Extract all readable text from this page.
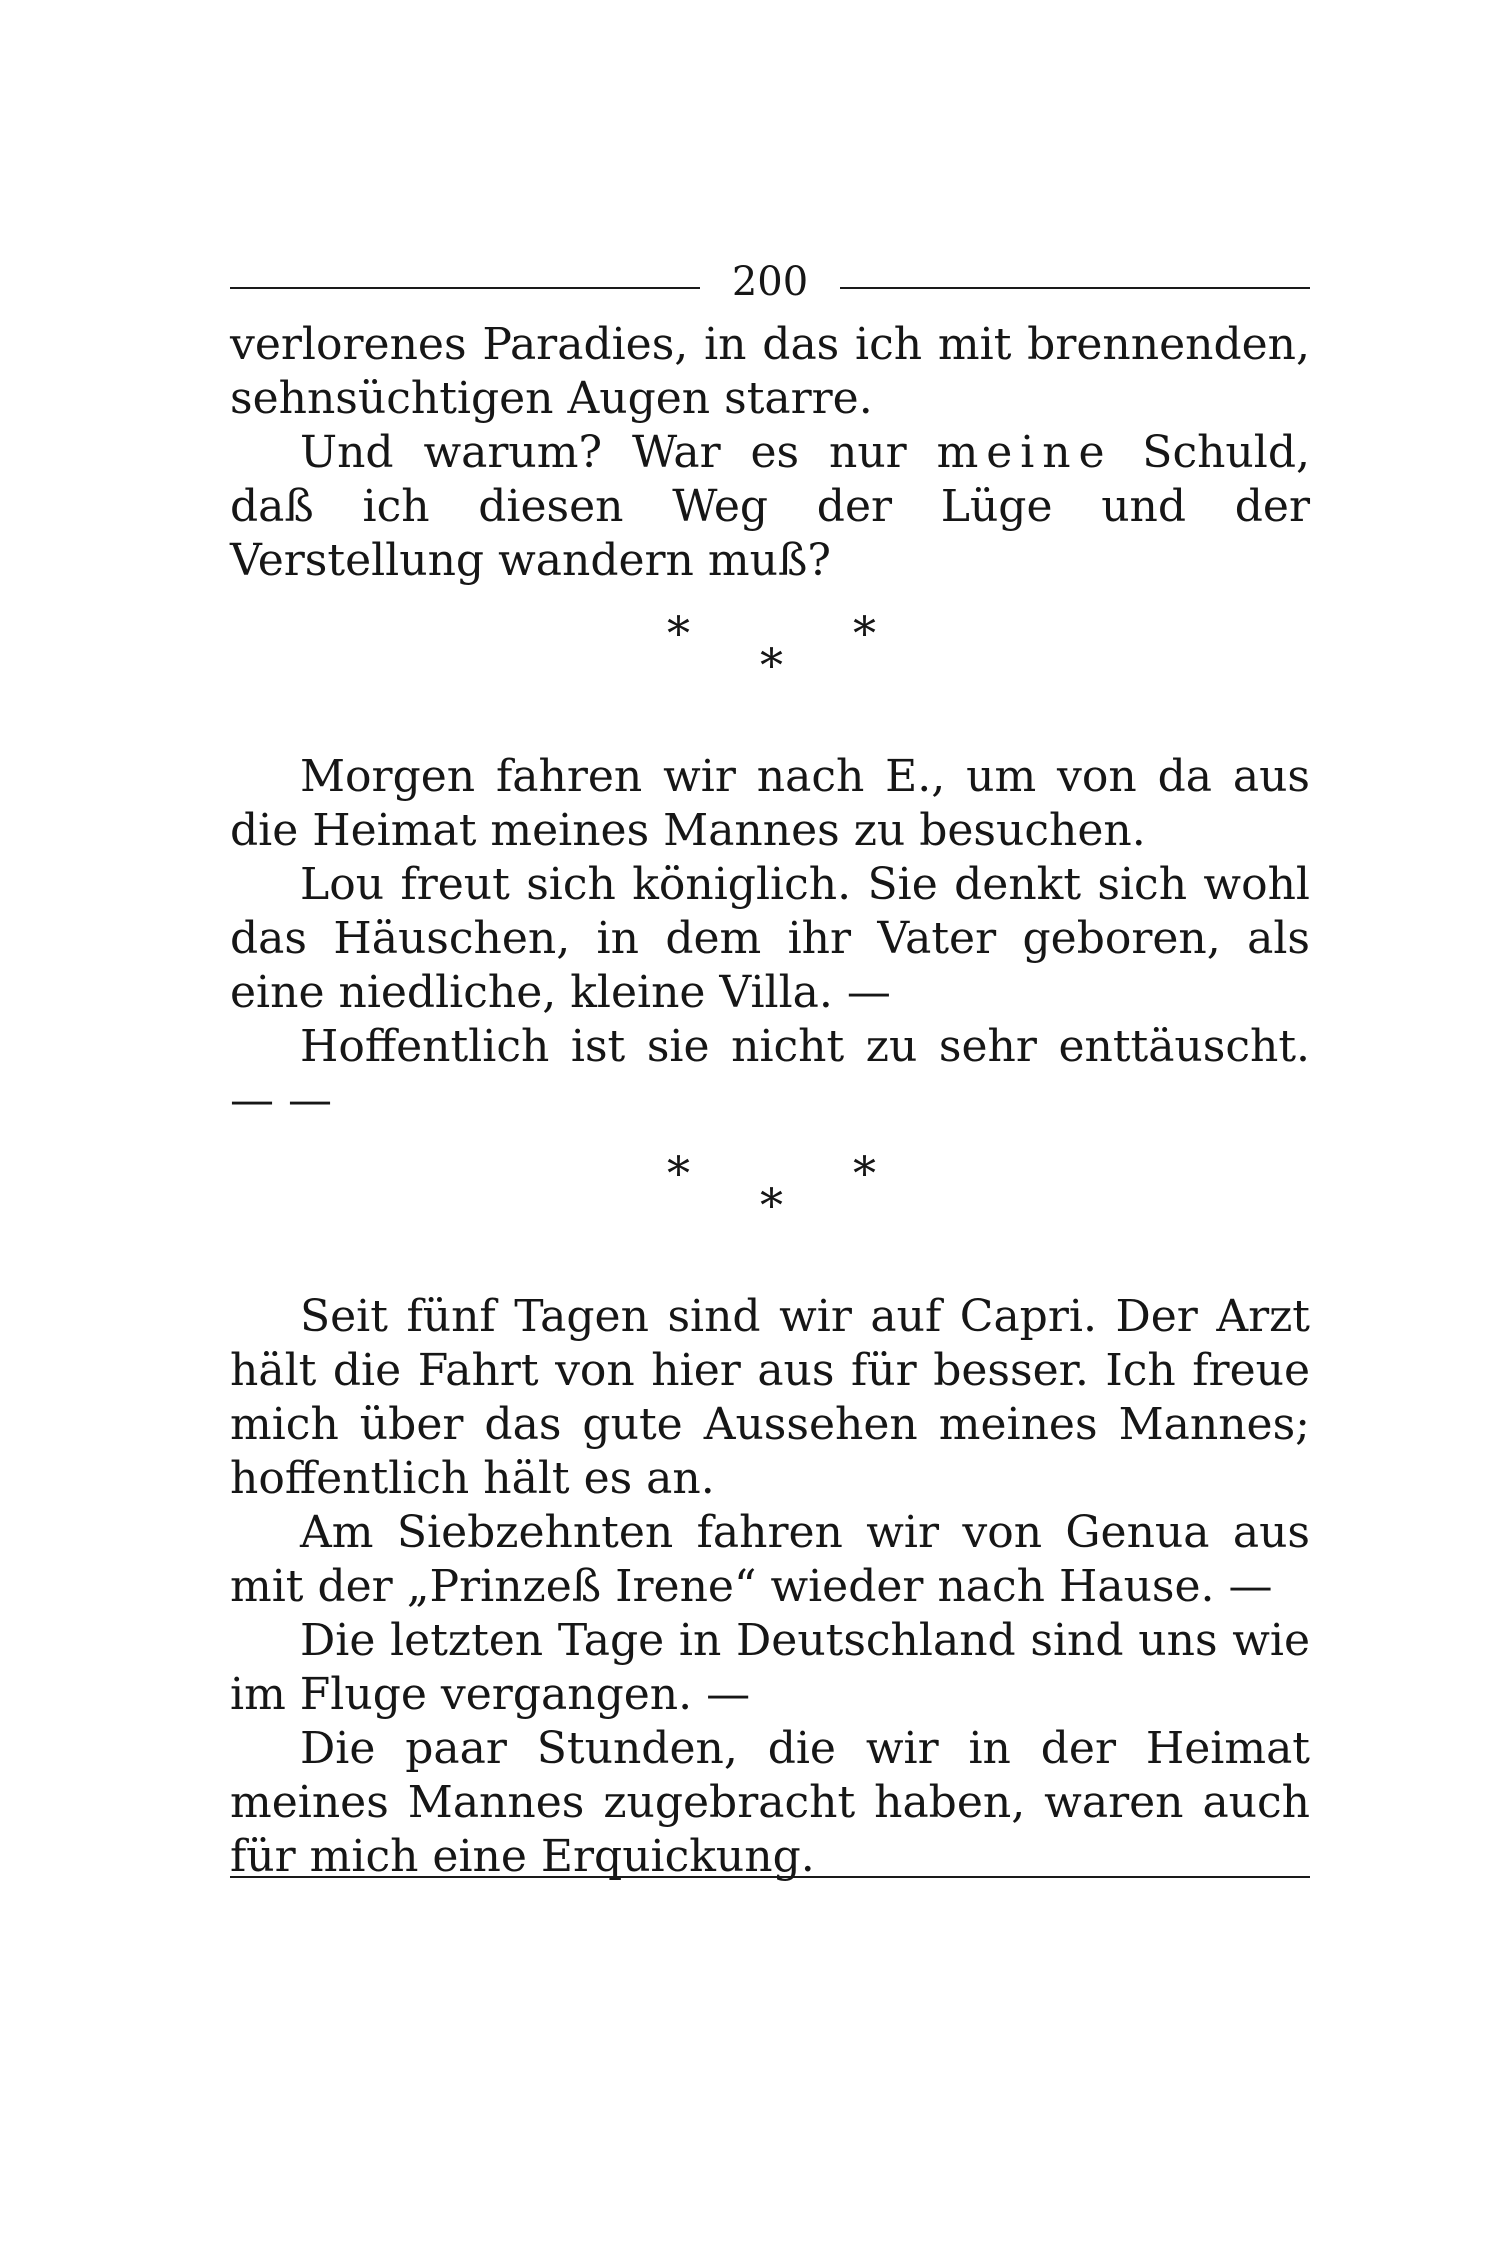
200

verlorenes Paradies, in das ich mit brennenden, sehnsüchtigen Augen starre.

Und warum? War es nur meine Schuld, daß ich diesen Weg der Lüge und der Verstellung wandern muß?

*	*
*

Morgen fahren wir nach E., um von da aus die Heimat meines Mannes zu besuchen.

Lou freut sich königlich. Sie denkt sich wohl das Häuschen, in dem ihr Vater geboren, als eine niedliche, kleine Villa. —

Hoffentlich ist sie nicht zu sehr enttäuscht. — —

*	*
*

Seit fünf Tagen sind wir auf Capri. Der Arzt hält die Fahrt von hier aus für besser. Ich freue mich über das gute Aussehen meines Mannes; hoffentlich hält es an.

Am Siebzehnten fahren wir von Genua aus mit der „Prinzeß Irene“ wieder nach Hause. —

Die letzten Tage in Deutschland sind uns wie im Fluge vergangen. —

Die paar Stunden, die wir in der Heimat meines Mannes zugebracht haben, waren auch für mich eine Erquickung.
